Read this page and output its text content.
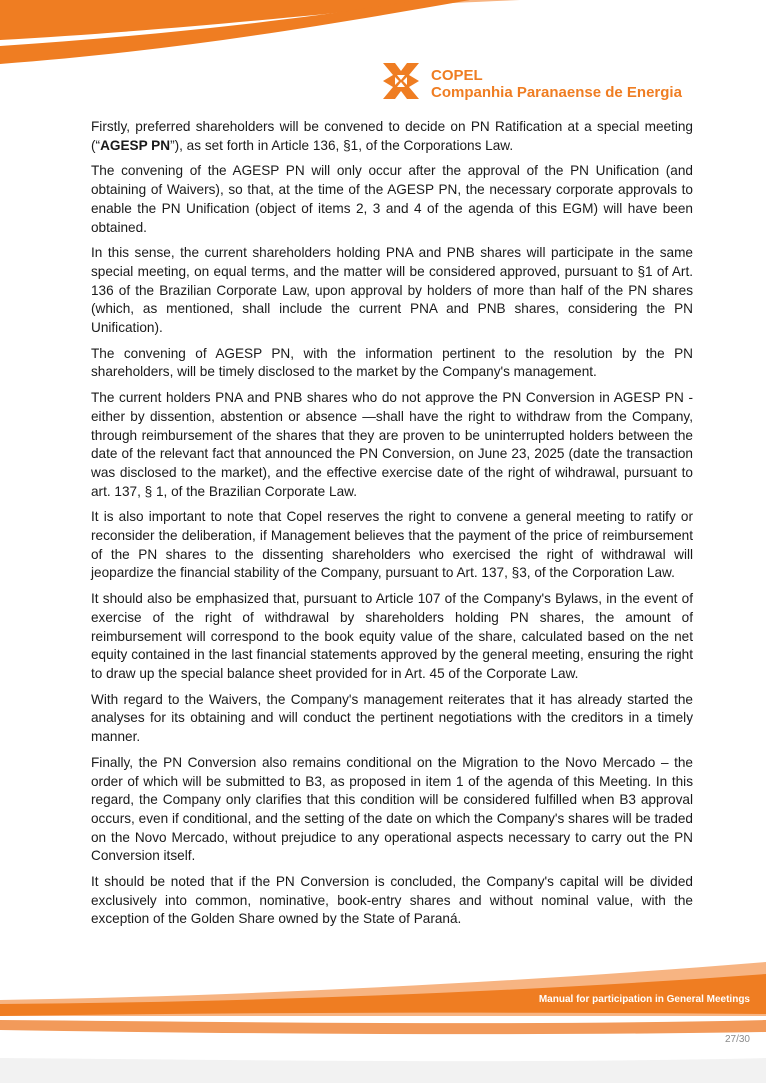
COPEL
Companhia Paranaense de Energia

Firstly, preferred shareholders will be convened to decide on PN Ratification at a special meeting (“AGESP PN”), as set forth in Article 136, §1, of the Corporations Law.

The convening of the AGESP PN will only occur after the approval of the PN Unification (and obtaining of Waivers), so that, at the time of the AGESP PN, the necessary corporate approvals to enable the PN Unification (object of items 2, 3 and 4 of the agenda of this EGM) will have been obtained.

In this sense, the current shareholders holding PNA and PNB shares will participate in the same special meeting, on equal terms, and the matter will be considered approved, pursuant to §1 of Art. 136 of the Brazilian Corporate Law, upon approval by holders of more than half of the PN shares (which, as mentioned, shall include the current PNA and PNB shares, considering the PN Unification).

The convening of AGESP PN, with the information pertinent to the resolution by the PN shareholders, will be timely disclosed to the market by the Company's management.

The current holders PNA and PNB shares who do not approve the PN Conversion in AGESP PN - either by dissention, abstention or absence —shall have the right to withdraw from the Company, through reimbursement of the shares that they are proven to be uninterrupted holders between the date of the relevant fact that announced the PN Conversion, on June 23, 2025 (date the transaction was disclosed to the market), and the effective exercise date of the right of wihdrawal, pursuant to art. 137, § 1, of the Brazilian Corporate Law.

It is also important to note that Copel reserves the right to convene a general meeting to ratify or reconsider the deliberation, if Management believes that the payment of the price of reimbursement of the PN shares to the dissenting shareholders who exercised the right of withdrawal will jeopardize the financial stability of the Company, pursuant to Art. 137, §3, of the Corporation Law.

It should also be emphasized that, pursuant to Article 107 of the Company's Bylaws, in the event of exercise of the right of withdrawal by shareholders holding PN shares, the amount of reimbursement will correspond to the book equity value of the share, calculated based on the net equity contained in the last financial statements approved by the general meeting, ensuring the right to draw up the special balance sheet provided for in Art. 45 of the Corporate Law.

With regard to the Waivers, the Company's management reiterates that it has already started the analyses for its obtaining and will conduct the pertinent negotiations with the creditors in a timely manner.

Finally, the PN Conversion also remains conditional on the Migration to the Novo Mercado – the order of which will be submitted to B3, as proposed in item 1 of the agenda of this Meeting. In this regard, the Company only clarifies that this condition will be considered fulfilled when B3 approval occurs, even if conditional, and the setting of the date on which the Company's shares will be traded on the Novo Mercado, without prejudice to any operational aspects necessary to carry out the PN Conversion itself.

It should be noted that if the PN Conversion is concluded, the Company's capital will be divided exclusively into common, nominative, book-entry shares and without nominal value, with the exception of the Golden Share owned by the State of Paraná.

Manual for participation in General Meetings
27/30
